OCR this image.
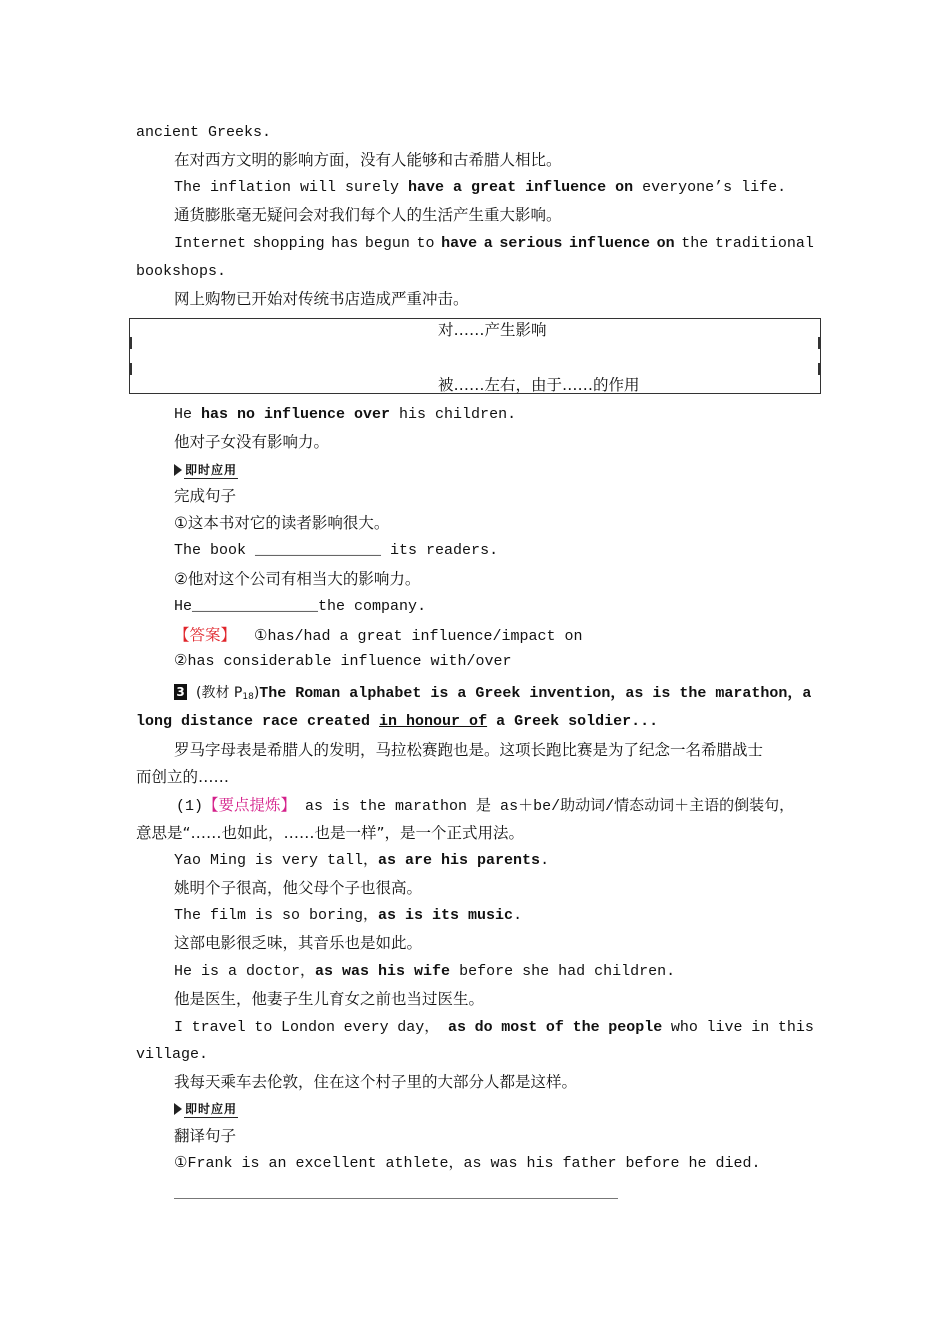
ancient Greeks.
在对西方文明的影响方面，没有人能够和古希腊人相比。
The inflation will surely have a great influence on everyone’s life.
通货膨胀毫无疑问会对我们每个人的生活产生重大影响。
Internet shopping has begun to have a serious influence on the traditional
bookshops.
网上购物已开始对传统书店造成严重冲击。
对……产生影响
被……左右，由于……的作用
He has no influence over his children.
他对子女没有影响力。
即时应用
完成句子
①这本书对它的读者影响很大。
The book ______________ its readers.
②他对这个公司有相当大的影响力。
He______________the company.
【答案】 ①has/had a great influence/impact on
②has considerable influence with/over
3 (教材 $P_{18})The$ Roman alphabet is a Greek invention，as is the marathon，a
long distance race created in honour of a Greek soldier...
罗马字母表是希腊人的发明，马拉松赛跑也是。这项长跑比赛是为了纪念一名希腊战士
而创立的……
(1)【要点提炼】 as is the marathon 是 as＋be/助动词/情态动词＋主语的倒装句，
意思是“……也如此，……也是一样”，是一个正式用法。
Yao Ming is very tall，as are his parents.
姚明个子很高，他父母个子也很高。
The film is so boring，as is its music.
这部电影很乏味，其音乐也是如此。
He is a doctor，as was his wife before she had children.
他是医生，他妻子生儿育女之前也当过医生。
I travel to London every day， as do most of the people who live in this
village.
我每天乘车去伦敦，住在这个村子里的大部分人都是这样。
即时应用
翻译句子
①Frank is an excellent athlete，as was his father before he died.
